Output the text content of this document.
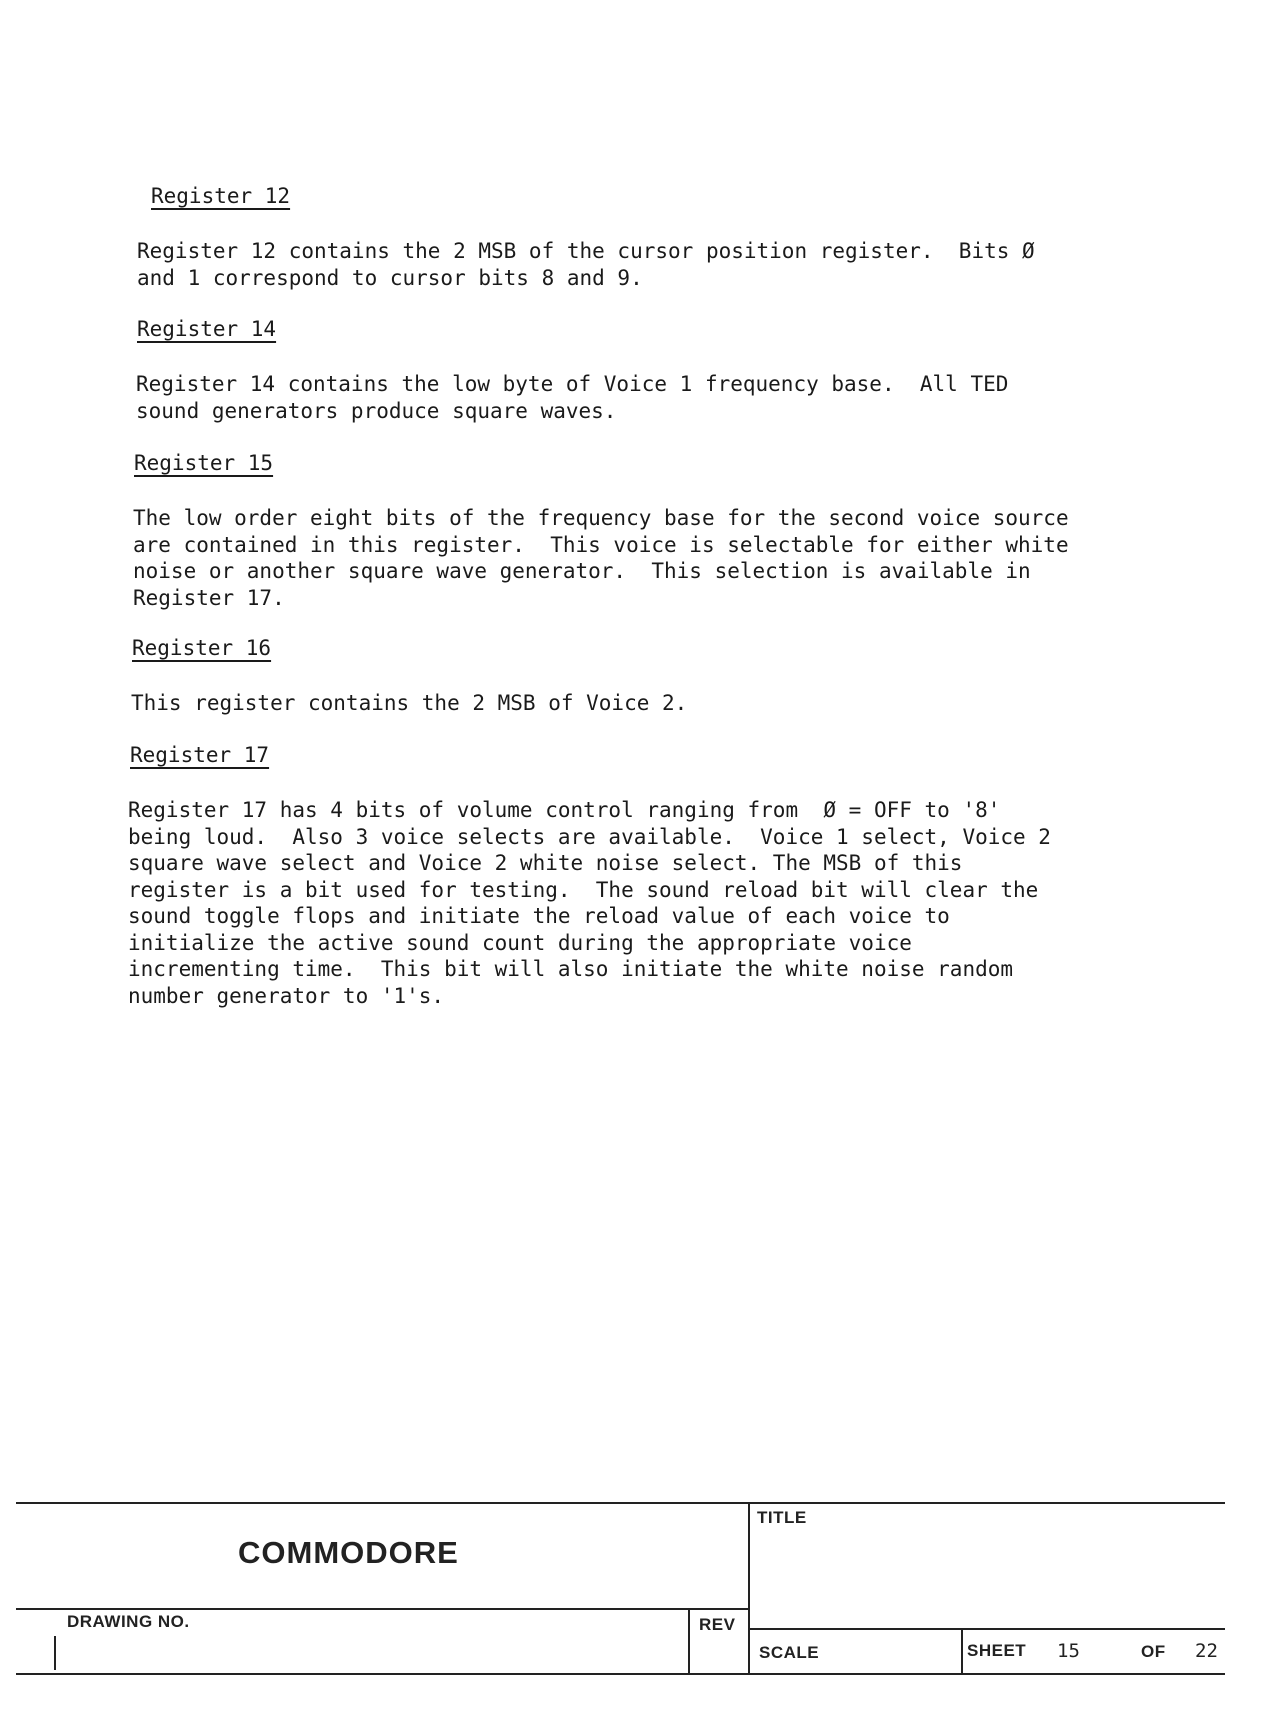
Register 12
Register 12 contains the 2 MSB of the cursor position register.  Bits Ø
and 1 correspond to cursor bits 8 and 9.
Register 14
Register 14 contains the low byte of Voice 1 frequency base.  All TED
sound generators produce square waves.
Register 15
The low order eight bits of the frequency base for the second voice source
are contained in this register.  This voice is selectable for either white
noise or another square wave generator.  This selection is available in
Register 17.
Register 16
This register contains the 2 MSB of Voice 2.
Register 17
Register 17 has 4 bits of volume control ranging from  Ø = OFF to '8'
being loud.  Also 3 voice selects are available.  Voice 1 select, Voice 2
square wave select and Voice 2 white noise select. The MSB of this
register is a bit used for testing.  The sound reload bit will clear the
sound toggle flops and initiate the reload value of each voice to
initialize the active sound count during the appropriate voice
incrementing time.  This bit will also initiate the white noise random
number generator to '1's.
COMMODORE
TITLE
DRAWING NO.	REV
SCALE	SHEET 15	OF 22
